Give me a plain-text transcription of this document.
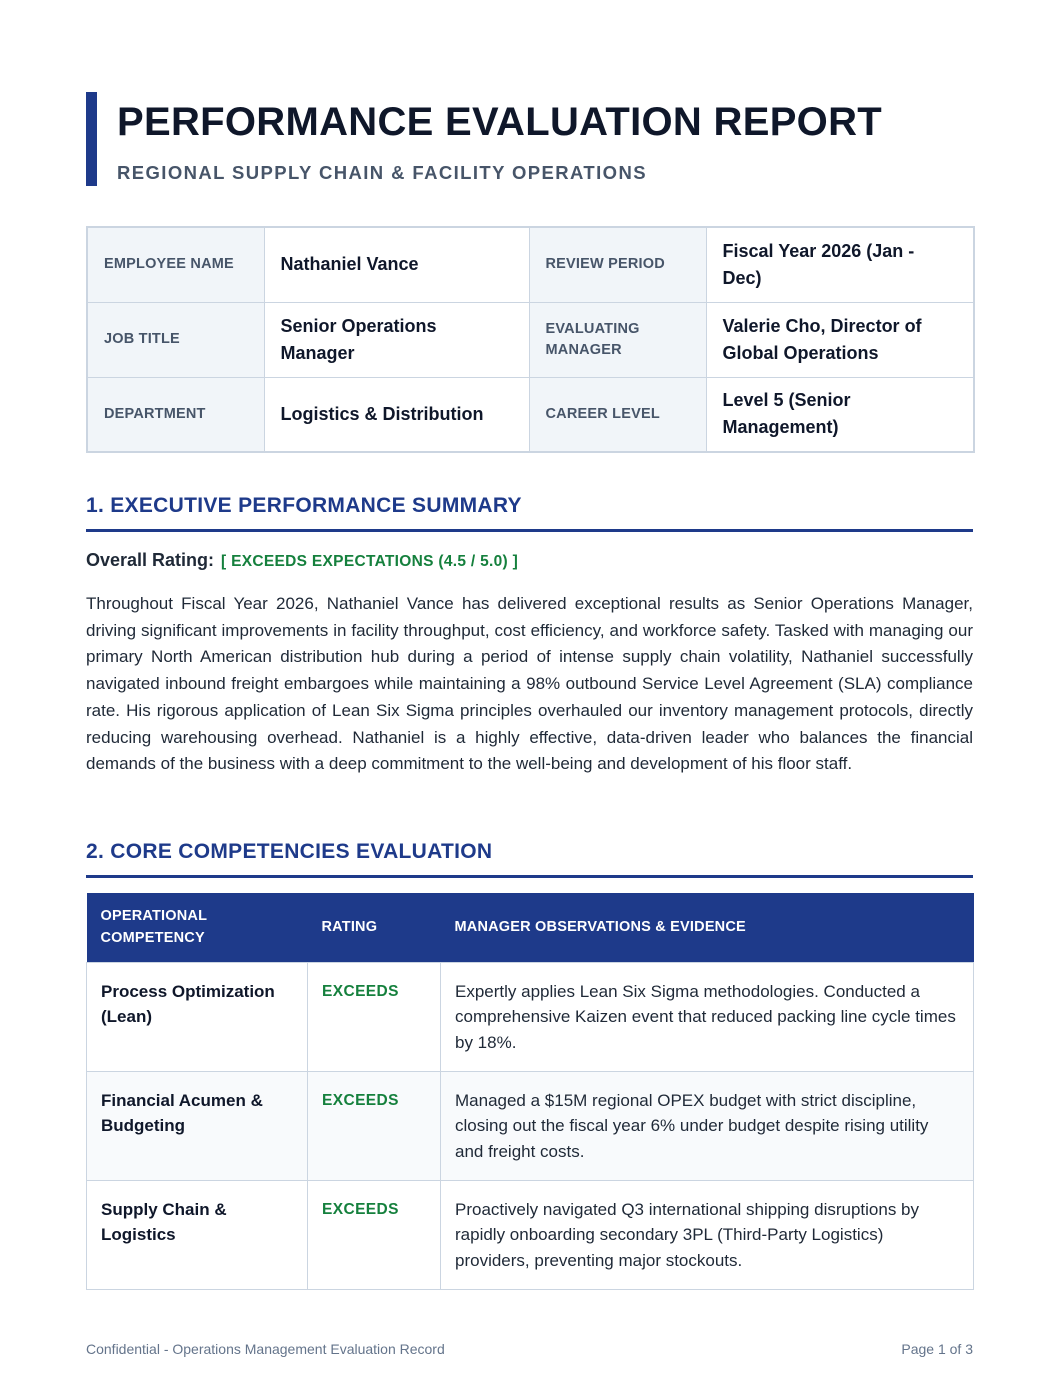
PERFORMANCE EVALUATION REPORT
REGIONAL SUPPLY CHAIN & FACILITY OPERATIONS
EMPLOYEE NAME	Nathaniel Vance	REVIEW PERIOD	Fiscal Year 2026 (Jan - Dec)
JOB TITLE	Senior Operations Manager	EVALUATING MANAGER	Valerie Cho, Director of Global Operations
DEPARTMENT	Logistics & Distribution	CAREER LEVEL	Level 5 (Senior Management)
1. EXECUTIVE PERFORMANCE SUMMARY
Overall Rating: [ EXCEEDS EXPECTATIONS (4.5 / 5.0) ]

Throughout Fiscal Year 2026, Nathaniel Vance has delivered exceptional results as Senior Operations Manager, driving significant improvements in facility throughput, cost efficiency, and workforce safety. Tasked with managing our primary North American distribution hub during a period of intense supply chain volatility, Nathaniel successfully navigated inbound freight embargoes while maintaining a 98% outbound Service Level Agreement (SLA) compliance rate. His rigorous application of Lean Six Sigma principles overhauled our inventory management protocols, directly reducing warehousing overhead. Nathaniel is a highly effective, data-driven leader who balances the financial demands of the business with a deep commitment to the well-being and development of his floor staff.

2. CORE COMPETENCIES EVALUATION
OPERATIONAL COMPETENCY	RATING	MANAGER OBSERVATIONS & EVIDENCE
Process Optimization (Lean)	EXCEEDS	Expertly applies Lean Six Sigma methodologies. Conducted a comprehensive Kaizen event that reduced packing line cycle times by 18%.
Financial Acumen & Budgeting	EXCEEDS	Managed a $15M regional OPEX budget with strict discipline, closing out the fiscal year 6% under budget despite rising utility and freight costs.
Supply Chain & Logistics	EXCEEDS	Proactively navigated Q3 international shipping disruptions by rapidly onboarding secondary 3PL (Third-Party Logistics) providers, preventing major stockouts.
Confidential - Operations Management Evaluation Record	Page 1 of 3
